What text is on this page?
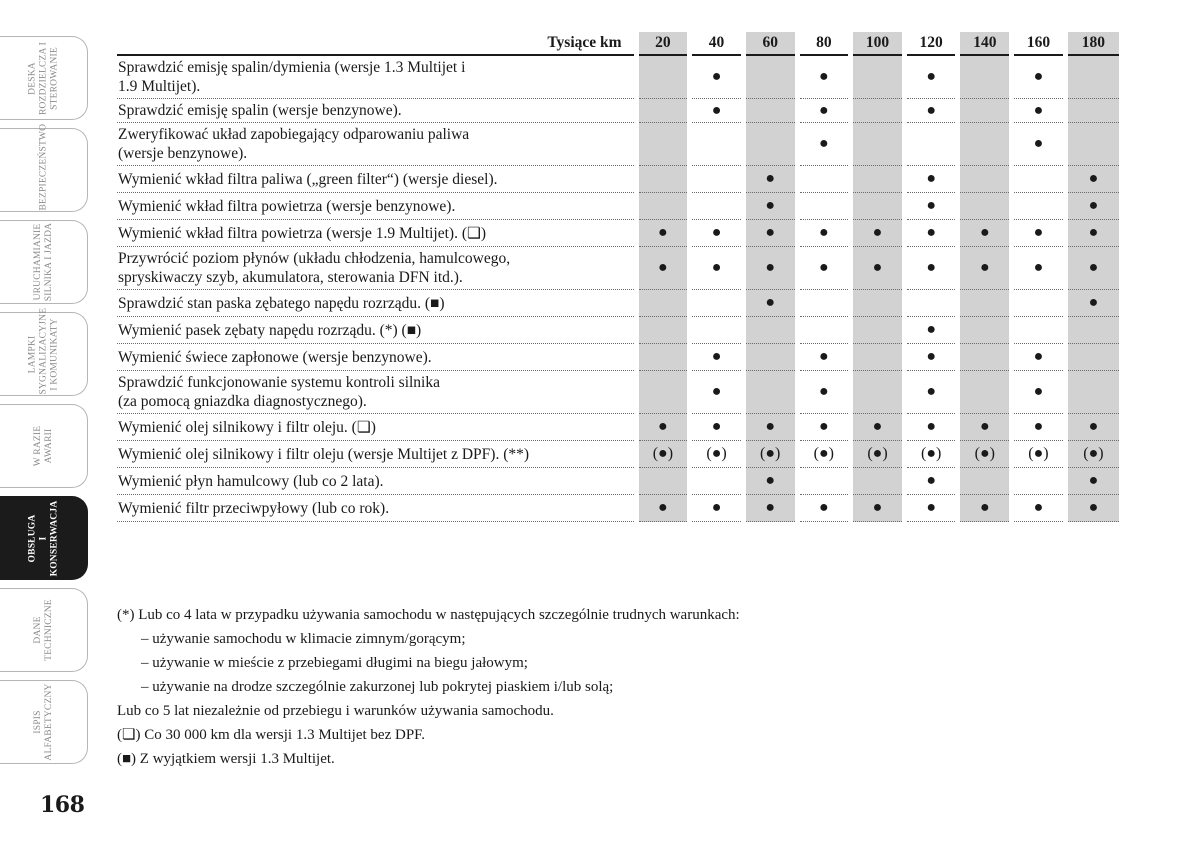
DESKA
ROZDZIELCZA I
STEROWANIE
BEZPIECZEŃSTWO
URUCHAMIANIE
SILNIKA I JAZDA
LAMPKI
SYGNALIZACYJNE
I KOMUNIKATY
W RAZIE
AWARII
OBSŁUGA
I KONSERWACJA
DANE
TECHNICZNE
ISPIS
ALFABETYCZNY
Tysiące km	20	40	60	80	100	120	140	160	180
Sprawdzić emisję spalin/dymienia (wersje 1.3 Multijet i
1.9 Multijet).		●		●		●		●	
Sprawdzić emisję spalin (wersje benzynowe).		●		●		●		●	
Zweryfikować układ zapobiegający odparowaniu paliwa
(wersje benzynowe).				●				●	
Wymienić wkład filtra paliwa („green filter“) (wersje diesel).			●			●			●
Wymienić wkład filtra powietrza (wersje benzynowe).			●			●			●
Wymienić wkład filtra powietrza (wersje 1.9 Multijet). (❏)	●	●	●	●	●	●	●	●	●
Przywrócić poziom płynów (układu chłodzenia, hamulcowego,
spryskiwaczy szyb, akumulatora, sterowania DFN itd.).	●	●	●	●	●	●	●	●	●
Sprawdzić stan paska zębatego napędu rozrządu. (■)			●						●
Wymienić pasek zębaty napędu rozrządu. (*) (■)						●			
Wymienić świece zapłonowe (wersje benzynowe).		●		●		●		●	
Sprawdzić funkcjonowanie systemu kontroli silnika
(za pomocą gniazdka diagnostycznego).		●		●		●		●	
Wymienić olej silnikowy i filtr oleju. (❏)	●	●	●	●	●	●	●	●	●
Wymienić olej silnikowy i filtr oleju (wersje Multijet z DPF). (**)	(●)	(●)	(●)	(●)	(●)	(●)	(●)	(●)	(●)
Wymienić płyn hamulcowy (lub co 2 lata).			●			●			●
Wymienić filtr przeciwpyłowy (lub co rok).	●	●	●	●	●	●	●	●	●
(*) Lub co 4 lata w przypadku używania samochodu w następujących szczególnie trudnych warunkach:
– używanie samochodu w klimacie zimnym/gorącym;
– używanie w mieście z przebiegami długimi na biegu jałowym;
– używanie na drodze szczególnie zakurzonej lub pokrytej piaskiem i/lub solą;
Lub co 5 lat niezależnie od przebiegu i warunków używania samochodu.
(❏) Co 30 000 km dla wersji 1.3 Multijet bez DPF.
(■) Z wyjątkiem wersji 1.3 Multijet.
168
